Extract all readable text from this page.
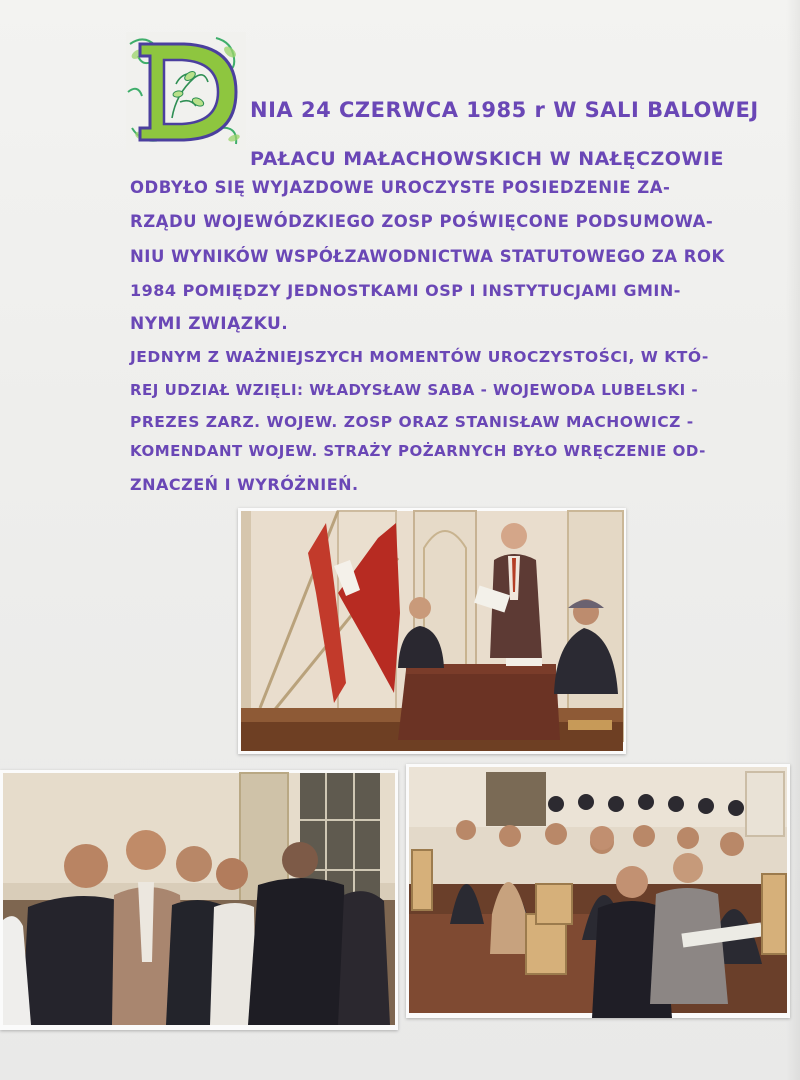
NIA 24 CZERWCA 1985 r W SALI BALOWEJ

PAŁACU MAŁACHOWSKICH W NAŁĘCZOWIE

ODBYŁO SIĘ WYJAZDOWE UROCZYSTE POSIEDZENIE ZA-

RZĄDU WOJEWÓDZKIEGO ZOSP POŚWIĘCONE PODSUMOWA-

NIU WYNIKÓW WSPÓŁZAWODNICTWA STATUTOWEGO ZA ROK

1984 POMIĘDZY JEDNOSTKAMI OSP I INSTYTUCJAMI GMIN-

NYMI ZWIĄZKU.

JEDNYM Z WAŻNIEJSZYCH MOMENTÓW UROCZYSTOŚCI, W KTÓ-

REJ UDZIAŁ WZIĘLI: WŁADYSŁAW SABA - WOJEWODA LUBELSKI -

PREZES ZARZ. WOJEW. ZOSP ORAZ STANISŁAW MACHOWICZ -

KOMENDANT WOJEW. STRAŻY POŻARNYCH BYŁO WRĘCZENIE OD-

ZNACZEŃ I WYRÓŻNIEŃ.
